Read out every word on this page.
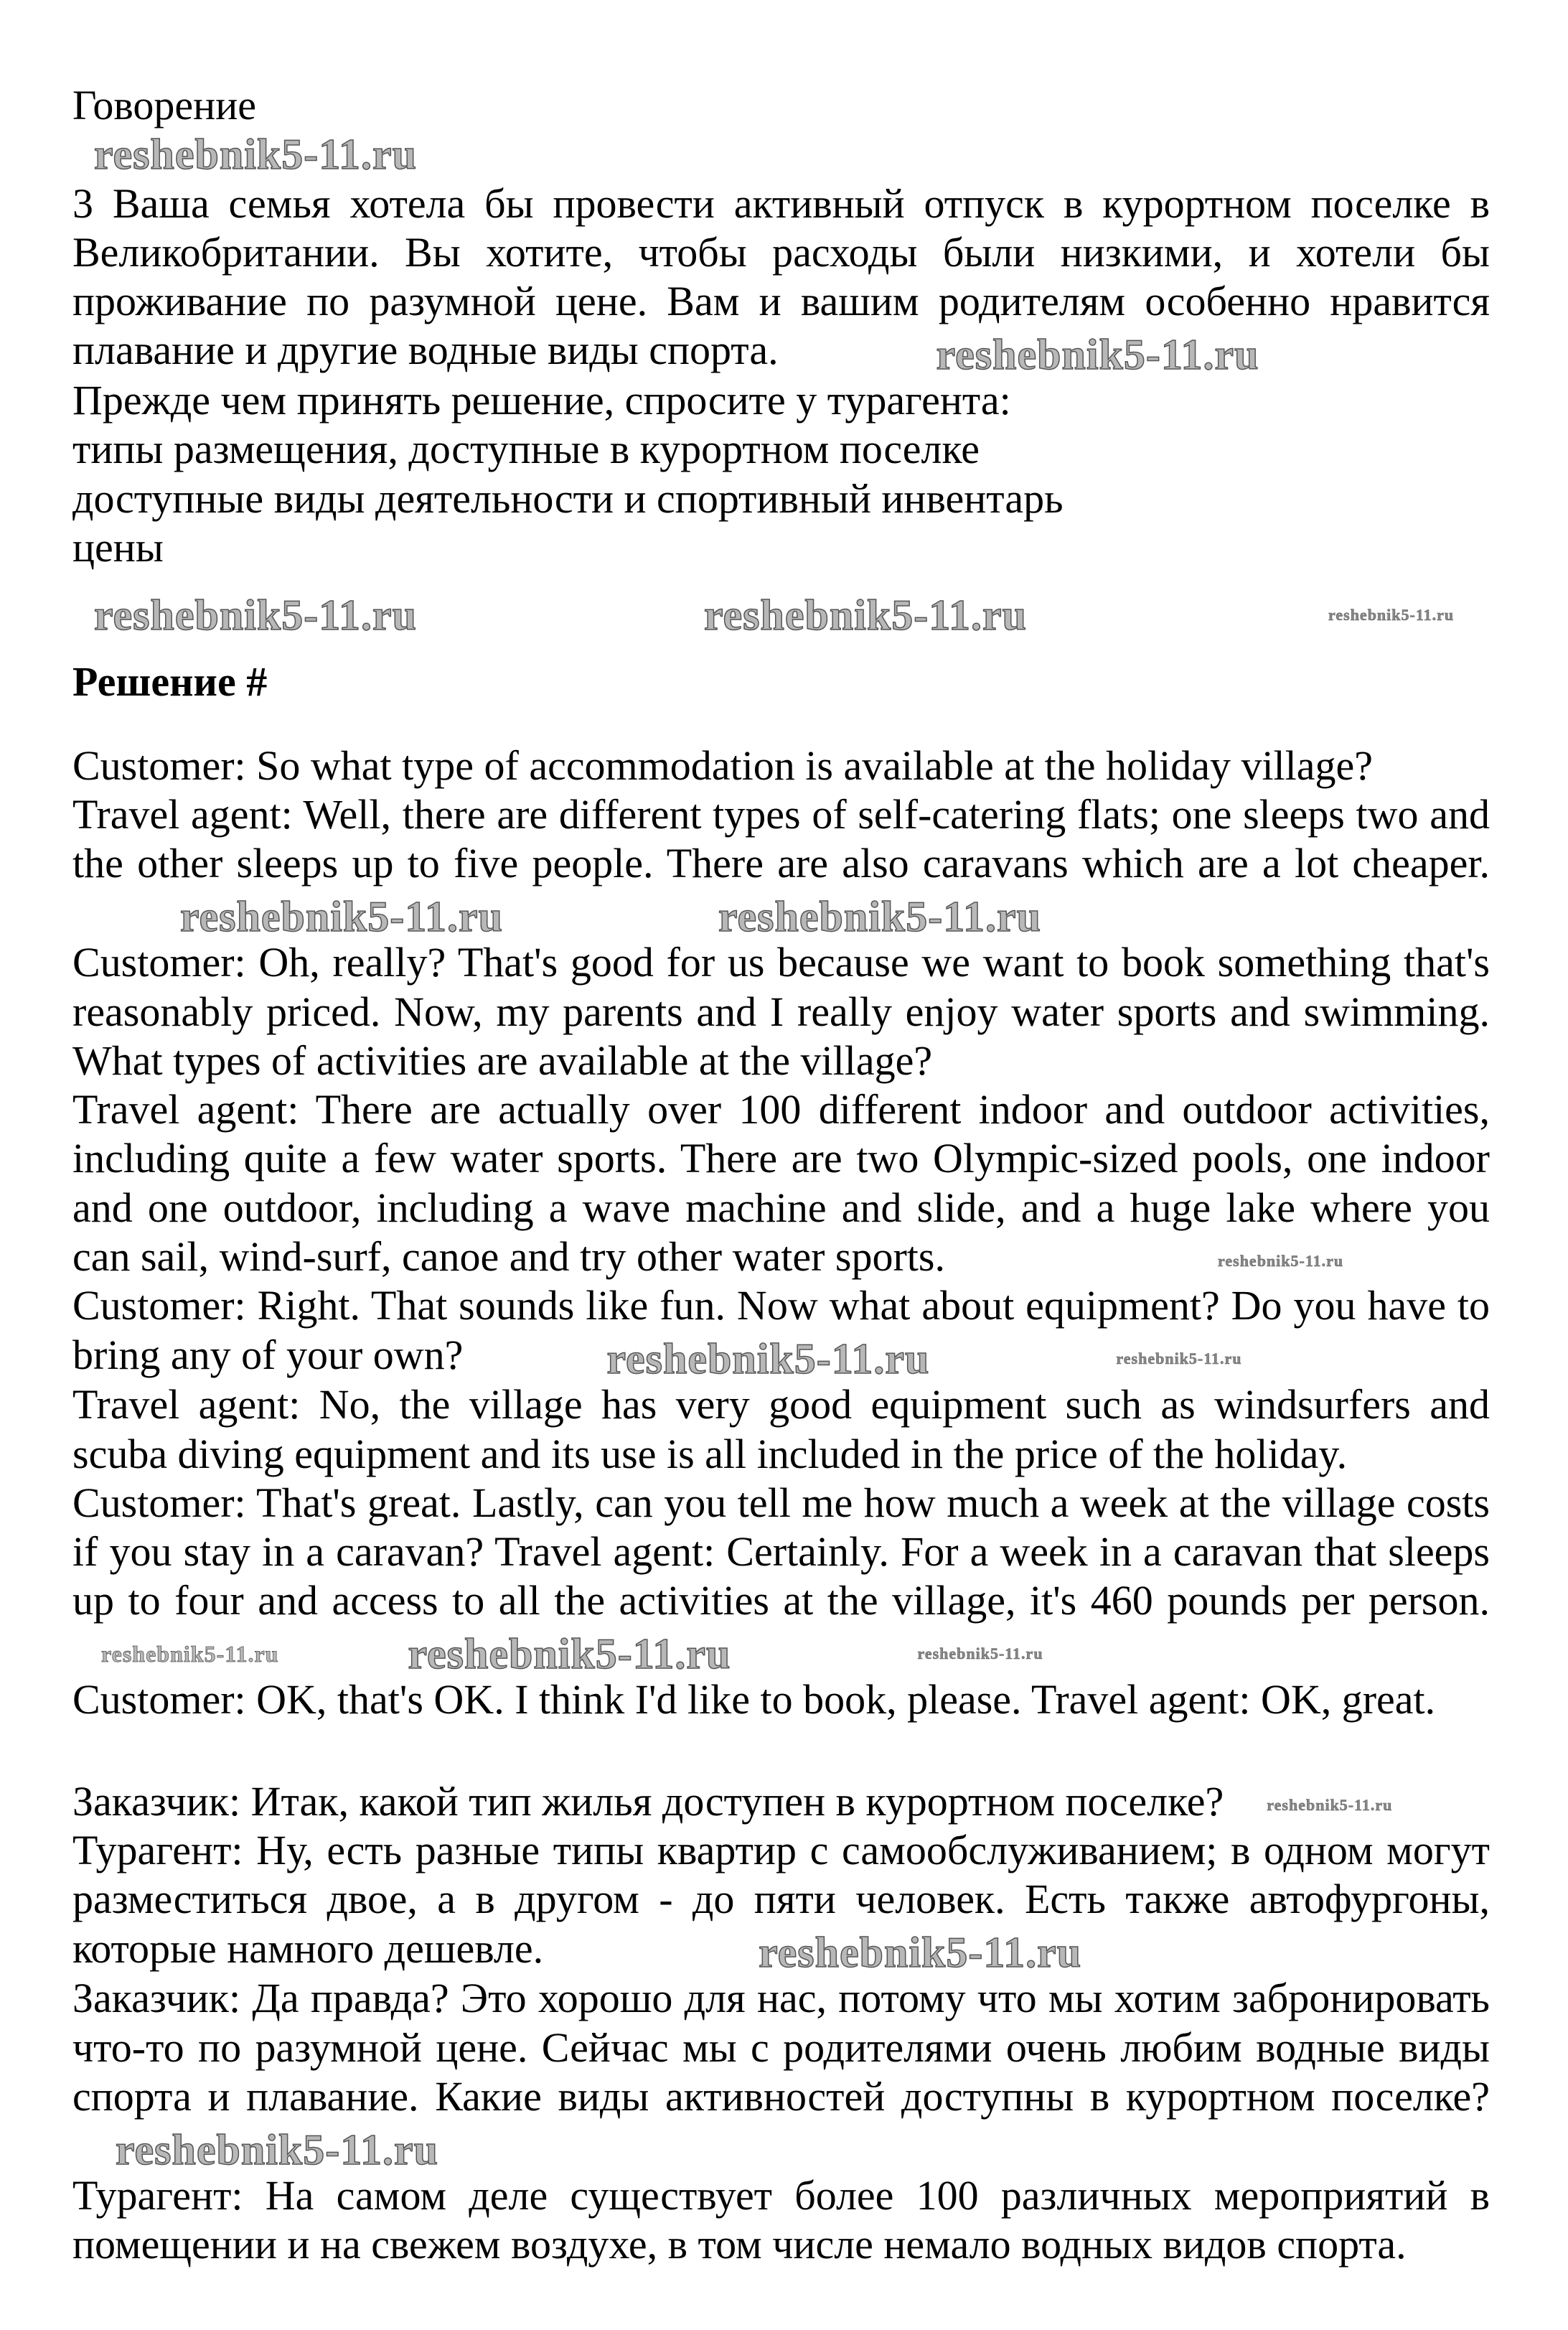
Говорение

reshebnik5-11.ru

3 Ваша семья хотела бы провести активный отпуск в курортном поселке в Великобритании. Вы хотите, чтобы расходы были низкими, и хотели бы проживание по разумной цене. Вам и вашим родителям особенно нравится плавание и другие водные виды спорта.	reshebnik5-11.ru

Прежде чем принять решение, спросите у турагента:

типы размещения, доступные в курортном поселке

доступные виды деятельности и спортивный инвентарь

цены

reshebnik5-11.ru	reshebnik5-11.ru	reshebnik5-11.ru

Решение #

Customer: So what type of accommodation is available at the holiday village?

Travel agent: Well, there are different types of self-catering flats; one sleeps two and the other sleeps up to five people. There are also caravans which are a lot cheaper.reshebnik5-11.ru	reshebnik5-11.ru

Customer: Oh, really? That's good for us because we want to book something that's reasonably priced. Now, my parents and I really enjoy water sports and swimming. What types of activities are available at the village?

Travel agent: There are actually over 100 different indoor and outdoor activities, including quite a few water sports. There are two Olympic-sized pools, one indoor and one outdoor, including a wave machine and slide, and a huge lake where you can sail, wind-surf, canoe and try other water sports.	reshebnik5-11.ru

Customer: Right. That sounds like fun. Now what about equipment? Do you have to bring any of your own?	reshebnik5-11.ru	reshebnik5-11.ru

Travel agent: No, the village has very good equipment such as windsurfers and scuba diving equipment and its use is all included in the price of the holiday.

Customer: That's great. Lastly, can you tell me how much a week at the village costs if you stay in a caravan? Travel agent: Certainly. For a week in a caravan that sleeps up to four and access to all the activities at the village, it's 460 pounds per person.reshebnik5-11.ru	reshebnik5-11.ru	reshebnik5-11.ru

Customer: OK, that's OK. I think I'd like to book, please. Travel agent: OK, great.

Заказчик: Итак, какой тип жилья доступен в курортном поселке?	reshebnik5-11.ru

Турагент: Ну, есть разные типы квартир с самообслуживанием; в одном могут разместиться двое, а в другом - до пяти человек. Есть также автофургоны, которые намного дешевле.	reshebnik5-11.ru

Заказчик: Да правда? Это хорошо для нас, потому что мы хотим забронировать что-то по разумной цене. Сейчас мы с родителями очень любим водные виды спорта и плавание. Какие виды активностей доступны в курортном поселке?reshebnik5-11.ru

Турагент: На самом деле существует более 100 различных мероприятий в помещении и на свежем воздухе, в том числе немало водных видов спорта.
